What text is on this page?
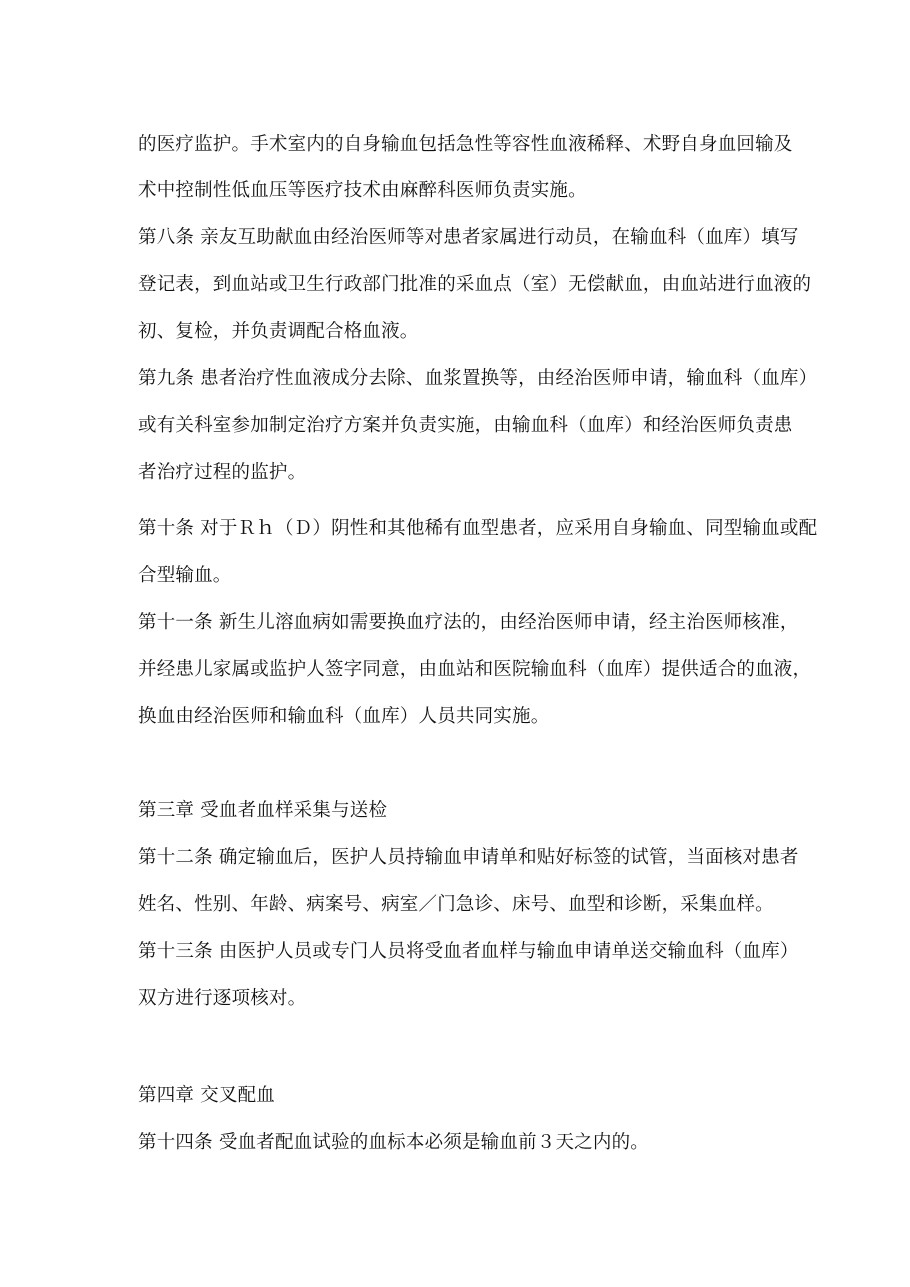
的医疗监护。手术室内的自身输血包括急性等容性血液稀释、术野自身血回输及
术中控制性低血压等医疗技术由麻醉科医师负责实施。
第八条 亲友互助献血由经治医师等对患者家属进行动员，在输血科（血库）填写
登记表，到血站或卫生行政部门批准的采血点（室）无偿献血，由血站进行血液的
初、复检，并负责调配合格血液。
第九条 患者治疗性血液成分去除、血浆置换等，由经治医师申请，输血科（血库）
或有关科室参加制定治疗方案并负责实施，由输血科（血库）和经治医师负责患
者治疗过程的监护。
第十条 对于Ｒｈ（Ｄ）阴性和其他稀有血型患者，应采用自身输血、同型输血或配
合型输血。
第十一条 新生儿溶血病如需要换血疗法的，由经治医师申请，经主治医师核准，
并经患儿家属或监护人签字同意，由血站和医院输血科（血库）提供适合的血液，
换血由经治医师和输血科（血库）人员共同实施。
第三章 受血者血样采集与送检
第十二条 确定输血后，医护人员持输血申请单和贴好标签的试管，当面核对患者
姓名、性别、年龄、病案号、病室／门急诊、床号、血型和诊断，采集血样。
第十三条 由医护人员或专门人员将受血者血样与输血申请单送交输血科（血库）
双方进行逐项核对。
第四章 交叉配血
第十四条 受血者配血试验的血标本必须是输血前３天之内的。
